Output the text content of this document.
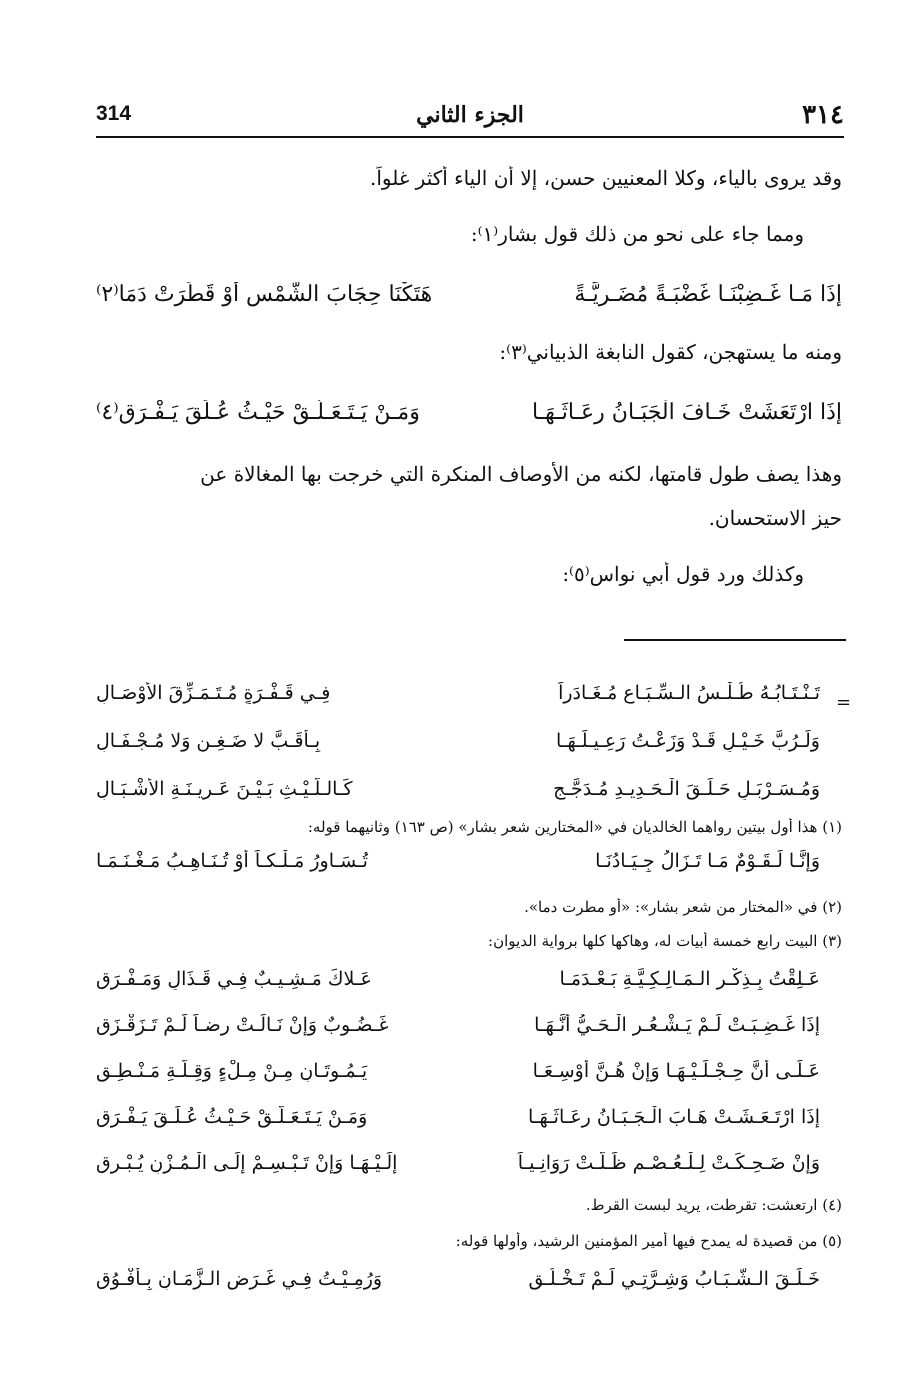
٣١٤
الجزء الثاني
314
وقد يروى بالياء، وكلا المعنيين حسن، إلا أن الياء أكثر غلواً.
ومما جاء على نحو من ذلك قول بشار⁽١⁾:
إِذَا مَـا غَـضِبْنَـا غَضْبَـةً مُضَـرِيَّـةً
هَتَكْنَا حِجَابَ الشَّمْسِ أَوْ قَطَرَتْ دَمَا⁽٢⁾
ومنه ما يستهجن، كقول النابغة الذبياني⁽٣⁾:
إِذَا ارْتَعَشَتْ خَـافَ الْجَبَـانُ رِعَـاثَـهَـا
وَمَـنْ يَـتَـعَـلَّـقْ حَيْـثُ عُـلِّقَ يَـفْـرَقِ⁽٤⁾
وهذا يصف طول قامتها، لكنه من الأوصاف المنكرة التي خرجت بها المغالاة عن
حيز الاستحسان.
وكذلك ورد قول أبي نواس⁽٥⁾:
=
تَـنْـتَـابُـهُ طُـلْـسُ الـسِّـبَـاعِ مُـغَـادَراً
فِـي قَـفْـرَةٍ مُـتَـمَـزِّقَ الأَوْصَـالِ
وَلَـرُبَّ خَـيْـلٍ قَـدْ وَزَعْـتُ رَعِـيـلَـهَـا
بِـأَقَـبَّ لا ضَـغِـنٍ وَلا مُـجْـفَـالِ
وَمُـسَـرْبَـلٍ حَـلَـقَ الْـحَـدِيـدِ مُـدَجَّـجٍ
كَـالـلَّـيْـثِ بَـيْـنَ عَـرِيـنَـةِ الأَشْـبَـالِ
(١) هذا أول بيتين رواهما الخالديان في «المختارين شعر بشار» (ص ١٦٣) وثانيهما قوله:
وَإِنَّـا لَـقَـوْمٌ مَـا تَـزَالُ جِـيَـادُنَـا
تُـسَـاوِرُ مَـلْـكـاً أَوْ تُـنَـاهِـبُ مَـغْـنَـمَـا
(٢) في «المختار من شعر بشار»: «أو مطرت دما».
(٣) البيت رابع خمسة أبيات له، وهاكها كلها برواية الديوان:
عَـلِقْتُ بِـذِكْـرِ الـمَـالِـكِـيَّـةِ بَـعْـدَمَـا
عَـلاكَ مَـشِـيـبٌ فِـي قَـذَالٍ وَمَـفْـرَقِ
إِذَا غَـضِـبَـتْ لَـمْ يَـشْـعُـرِ الْـحَـيُّ أَنَّـهَـا
غَـضُـوبٌ وَإِنْ نَـالَـتْ رِضـاً لَـمْ تَـزَقْـزَقِ
عَـلَـى أَنَّ حِـجْـلَـيْـهَـا وَإِنْ هُـنَّ أُوْسِـعَـا
يَـمُـوتَـانِ مِـنْ مِـلْءٍ وَقِـلَّـةِ مَـنْـطِـقِ
إِذَا ارْتَـعَـشَـتْ هَـابَ الْـجَـبَـانُ رِعَـاثَـهَـا
وَمَـنْ يَـتَـعَـلَّـقْ حَـيْـثُ عُـلِّـقَ يَـفْـرَقِ
وَإِنْ ضَـحِـكَـتْ لِـلْـعُـصْـمِ ظَـلَّـتْ رَوَانِـيـاً
إِلَـيْـهَـا وَإِنْ تَـبْـسِـمْ إِلَـى الْـمُـزْنِ يُـبْـرِقِ
(٤) ارتعشت: تقرطت، يريد لبست القرط.
(٥) من قصيدة له يمدح فيها أمير المؤمنين الرشيد، وأولها قوله:
خَـلَـقَ الـشَّـبَـابُ وَشِـرَّتِـي لَـمْ تَـخْـلُـقِ
وَرُمِـيْـتُ فِـي غَـرَضِ الـزَّمَـانِ بِـأَفْـوُقِ
